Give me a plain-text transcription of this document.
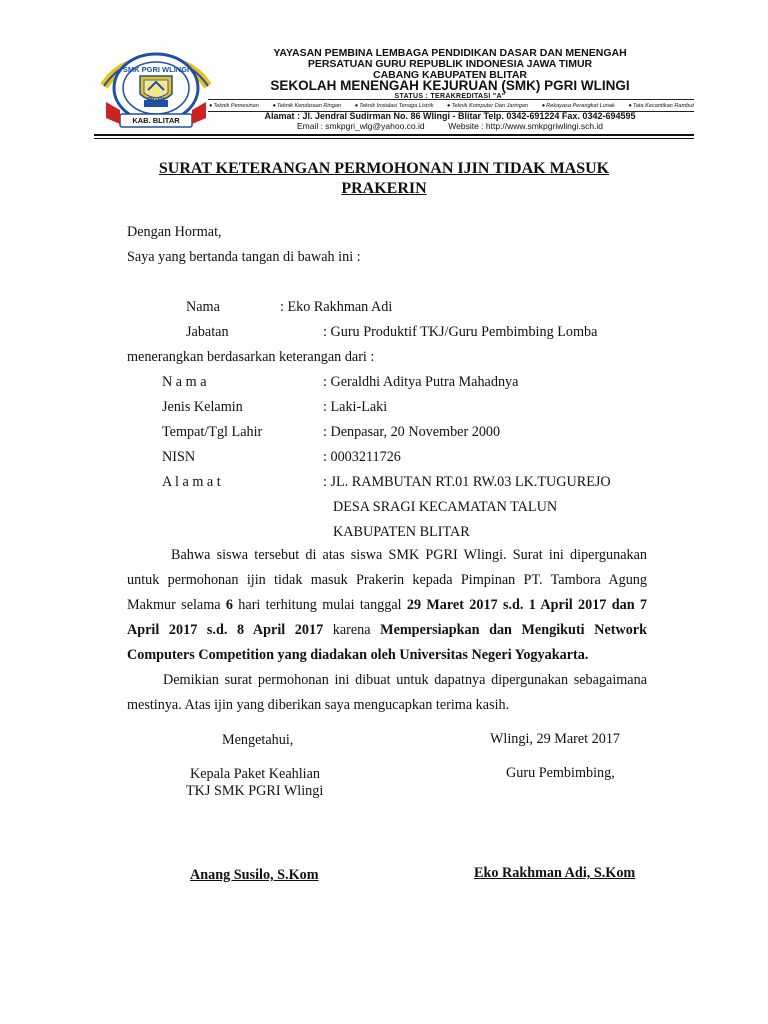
SMK PGRI WLINGI
PGRI
KAB. BLITAR
YAYASAN PEMBINA LEMBAGA PENDIDIKAN DASAR DAN MENENGAH
PERSATUAN GURU REPUBLIK INDONESIA JAWA TIMUR
CABANG KABUPATEN BLITAR
SEKOLAH MENENGAH KEJURUAN (SMK) PGRI WLINGI
STATUS : TERAKREDITASI "A"
●Teknik Pemesinan ●Teknik Kendaraan Ringan ●Teknik Instalasi Tenaga Listrik ●Teknik Komputer Dan Jaringan ●Rekayasa Perangkat Lunak ●Tata Kecantikan Rambut
Alamat : Jl. Jendral Sudirman No. 86 Wlingi - Blitar Telp. 0342-691224 Fax. 0342-694595
Email : smkpgri_wlg@yahoo.co.id          Website : http://www.smkpgriwlingi.sch.id
SURAT KETERANGAN PERMOHONAN IJIN TIDAK MASUK
PRAKERIN
Dengan Hormat,
Saya yang bertanda tangan di bawah ini :
Nama	: Eko Rakhman Adi
Jabatan	: Guru Produktif TKJ/Guru Pembimbing Lomba
menerangkan berdasarkan keterangan dari :
N a m a	: Geraldhi Aditya Putra Mahadnya
Jenis Kelamin	: Laki-Laki
Tempat/Tgl Lahir	: Denpasar, 20 November 2000
NISN	: 0003211726
A l a m a t	: JL. RAMBUTAN RT.01 RW.03 LK.TUGUREJO
DESA SRAGI KECAMATAN TALUN
KABUPATEN BLITAR
Bahwa siswa tersebut di atas siswa SMK PGRI Wlingi. Surat ini dipergunakan untuk permohonan ijin tidak masuk Prakerin kepada Pimpinan PT. Tambora Agung Makmur selama 6 hari terhitung mulai tanggal 29 Maret 2017 s.d. 1 April 2017 dan 7 April 2017 s.d. 8 April 2017 karena Mempersiapkan dan Mengikuti Network Computers Competition yang diadakan oleh Universitas Negeri Yogyakarta.
Demikian surat permohonan ini dibuat untuk dapatnya dipergunakan sebagaimana mestinya. Atas ijin yang diberikan saya mengucapkan terima kasih.
Mengetahui,
Kepala Paket Keahlian
TKJ SMK PGRI Wlingi
Anang Susilo, S.Kom
Wlingi, 29 Maret 2017
Guru Pembimbing,
Eko Rakhman Adi, S.Kom
